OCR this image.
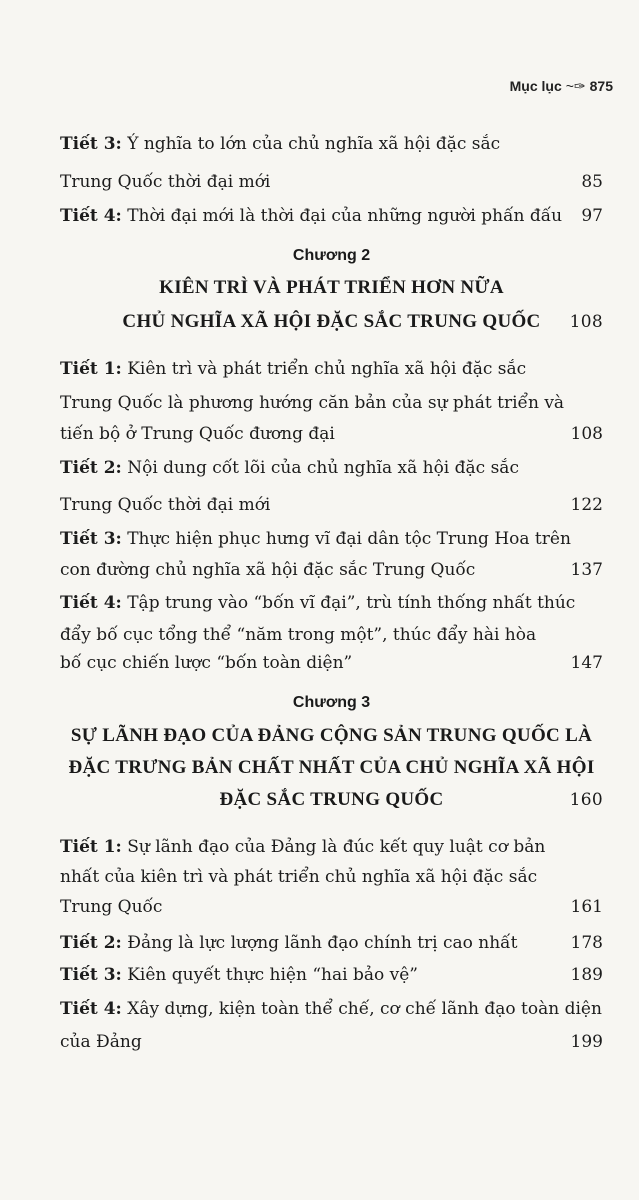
Mục lục ~✑ 875
Tiết 3: Ý nghĩa to lớn của chủ nghĩa xã hội đặc sắc
Trung Quốc thời đại mới	85
Tiết 4: Thời đại mới là thời đại của những người phấn đấu 97
Chương 2
KIÊN TRÌ VÀ PHÁT TRIỂN HƠN NỮA
CHỦ NGHĨA XÃ HỘI ĐẶC SẮC TRUNG QUỐC 108
Tiết 1: Kiên trì và phát triển chủ nghĩa xã hội đặc sắc
Trung Quốc là phương hướng căn bản của sự phát triển và
tiến bộ ở Trung Quốc đương đại	108
Tiết 2: Nội dung cốt lõi của chủ nghĩa xã hội đặc sắc
Trung Quốc thời đại mới	122
Tiết 3: Thực hiện phục hưng vĩ đại dân tộc Trung Hoa trên
con đường chủ nghĩa xã hội đặc sắc Trung Quốc	137
Tiết 4: Tập trung vào “bốn vĩ đại”, trù tính thống nhất thúc
đẩy bố cục tổng thể “năm trong một”, thúc đẩy hài hòa
bố cục chiến lược “bốn toàn diện”	147
Chương 3
SỰ LÃNH ĐẠO CỦA ĐẢNG CỘNG SẢN TRUNG QUỐC LÀ
ĐẶC TRƯNG BẢN CHẤT NHẤT CỦA CHỦ NGHĨA XÃ HỘI
ĐẶC SẮC TRUNG QUỐC	160
Tiết 1: Sự lãnh đạo của Đảng là đúc kết quy luật cơ bản
nhất của kiên trì và phát triển chủ nghĩa xã hội đặc sắc
Trung Quốc	161
Tiết 2: Đảng là lực lượng lãnh đạo chính trị cao nhất	178
Tiết 3: Kiên quyết thực hiện “hai bảo vệ”	189
Tiết 4: Xây dựng, kiện toàn thể chế, cơ chế lãnh đạo toàn diện
của Đảng	199
